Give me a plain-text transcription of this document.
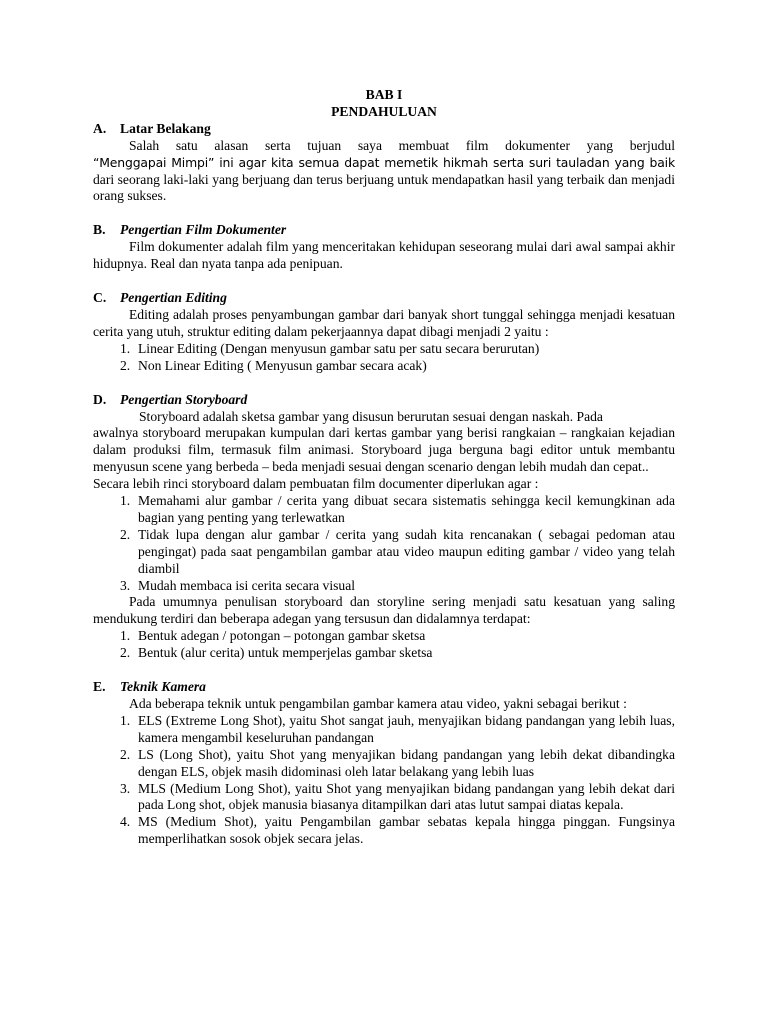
BAB I
PENDAHULUAN
A.	Latar Belakang

Salah satu alasan serta tujuan saya membuat film dokumenter yang berjudul

“Menggapai Mimpi” ini agar kita semua dapat memetik hikmah serta suri tauladan yang baik

dari seorang laki-laki yang berjuang dan terus berjuang untuk mendapatkan hasil yang terbaik dan menjadi orang sukses.

B.	Pengertian Film Dokumenter

Film dokumenter adalah film yang menceritakan kehidupan seseorang mulai dari awal sampai akhir hidupnya. Real dan nyata tanpa ada penipuan.

C.	Pengertian Editing

Editing adalah proses penyambungan gambar dari banyak short tunggal sehingga menjadi kesatuan cerita yang utuh, struktur editing dalam pekerjaannya dapat dibagi menjadi 2 yaitu :

1. Linear Editing (Dengan menyusun gambar satu per satu secara berurutan)
2. Non Linear Editing ( Menyusun gambar secara acak)
D.	Pengertian Storyboard

Storyboard adalah sketsa gambar yang disusun berurutan sesuai dengan naskah. Pada

awalnya storyboard merupakan kumpulan dari kertas gambar yang berisi rangkaian – rangkaian kejadian dalam produksi film, termasuk film animasi. Storyboard juga berguna bagi editor untuk membantu menyusun scene yang berbeda – beda menjadi sesuai dengan scenario dengan lebih mudah dan cepat..

Secara lebih rinci storyboard dalam pembuatan film documenter diperlukan agar :

1. Memahami alur gambar / cerita yang dibuat secara sistematis sehingga kecil kemungkinan ada bagian yang penting yang terlewatkan
2. Tidak lupa dengan alur gambar / cerita yang sudah kita rencanakan ( sebagai pedoman atau pengingat) pada saat pengambilan gambar atau video maupun editing gambar / video yang telah diambil
3. Mudah membaca isi cerita secara visual

Pada umumnya penulisan storyboard dan storyline sering menjadi satu kesatuan yang saling mendukung terdiri dan beberapa adegan yang tersusun dan didalamnya terdapat:

1. Bentuk adegan / potongan – potongan gambar sketsa
2. Bentuk (alur cerita) untuk memperjelas gambar sketsa
E.	Teknik Kamera

Ada beberapa teknik untuk pengambilan gambar kamera atau video, yakni sebagai berikut :

1. ELS (Extreme Long Shot), yaitu Shot sangat jauh, menyajikan bidang pandangan yang lebih luas, kamera mengambil keseluruhan pandangan
2. LS (Long Shot), yaitu Shot yang menyajikan bidang pandangan yang lebih dekat dibandingka dengan ELS, objek masih didominasi oleh latar belakang yang lebih luas
3. MLS (Medium Long Shot), yaitu Shot yang menyajikan bidang pandangan yang lebih dekat dari pada Long shot, objek manusia biasanya ditampilkan dari atas lutut sampai diatas kepala.
4. MS (Medium Shot), yaitu Pengambilan gambar sebatas kepala hingga pinggan. Fungsinya memperlihatkan sosok objek secara jelas.
